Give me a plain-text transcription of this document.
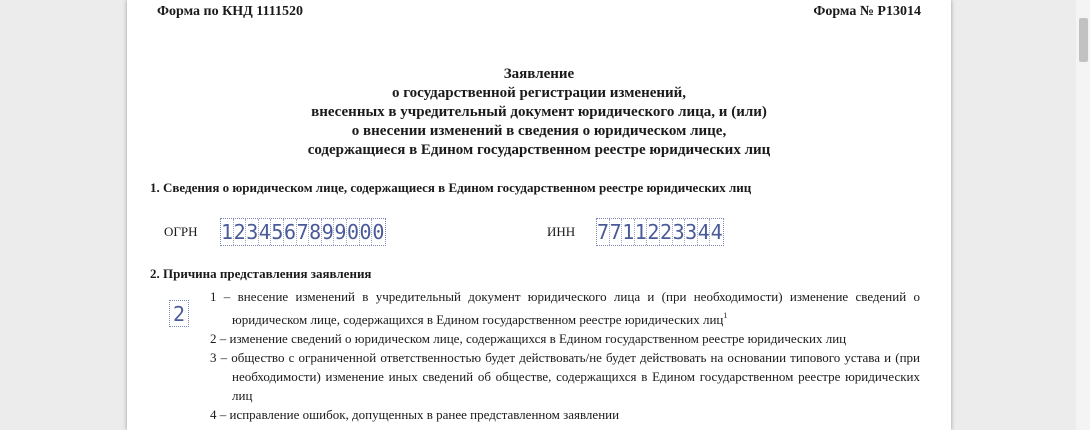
Форма по КНД 1111520	Форма № Р13014
Заявление
о государственной регистрации изменений,
внесенных в учредительный документ юридического лица, и (или)
о внесении изменений в сведения о юридическом лице,
содержащиеся в Едином государственном реестре юридических лиц
1. Сведения о юридическом лице, содержащиеся в Едином государственном реестре юридических лиц
ОГРН 1 2 3 4 5 6 7 8 9 9 0 0 0	ИНН 7 7 1 1 2 2 3 3 4 4
2. Причина представления заявления
2
1 – внесение изменений в учредительный документ юридического лица и (при необходимости) изменение сведений о юридическом лице, содержащихся в Едином государственном реестре юридических лиц$^1$
2 – изменение сведений о юридическом лице, содержащихся в Едином государственном реестре юридических лиц
3 – общество с ограниченной ответственностью будет действовать/не будет действовать на основании типового устава и (при необходимости) изменение иных сведений об обществе, содержащихся в Едином государственном реестре юридических лиц
4 – исправление ошибок, допущенных в ранее представленном заявлении
